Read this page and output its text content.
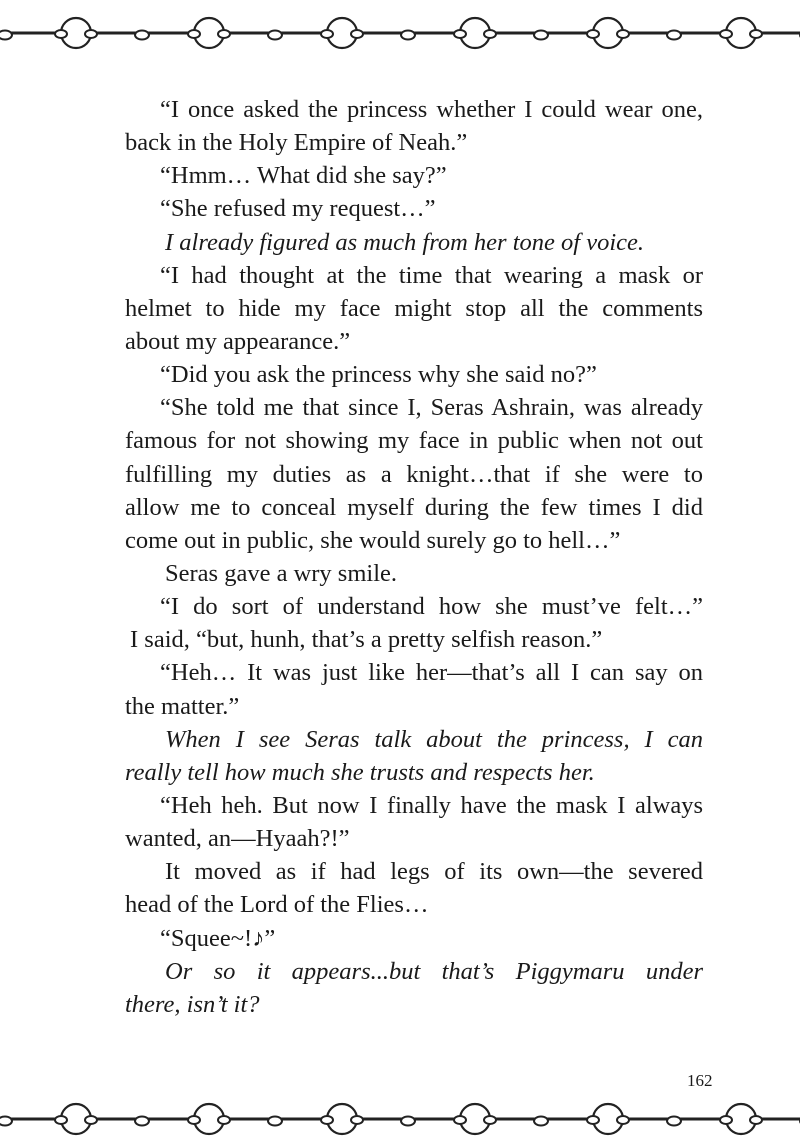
“I once asked the princess whether I could wear one,
back in the Holy Empire of Neah.”
“Hmm… What did she say?”
“She refused my request…”
I already figured as much from her tone of voice.
“I had thought at the time that wearing a mask or
helmet to hide my face might stop all the comments
about my appearance.”
“Did you ask the princess why she said no?”
“She told me that since I, Seras Ashrain, was already
famous for not showing my face in public when not out
fulfilling my duties as a knight…that if she were to
allow me to conceal myself during the few times I did
come out in public, she would surely go to hell…”
Seras gave a wry smile.
“I do sort of understand how she must’ve felt…”
I said, “but, hunh, that’s a pretty selfish reason.”
“Heh… It was just like her—that’s all I can say on
the matter.”
When I see Seras talk about the princess, I can
really tell how much she trusts and respects her.
“Heh heh. But now I finally have the mask I always
wanted, an—Hyaah?!”
It moved as if had legs of its own—the severed
head of the Lord of the Flies…
“Squee~!♪”
Or so it appears...but that’s Piggymaru under
there, isn’t it?
162
